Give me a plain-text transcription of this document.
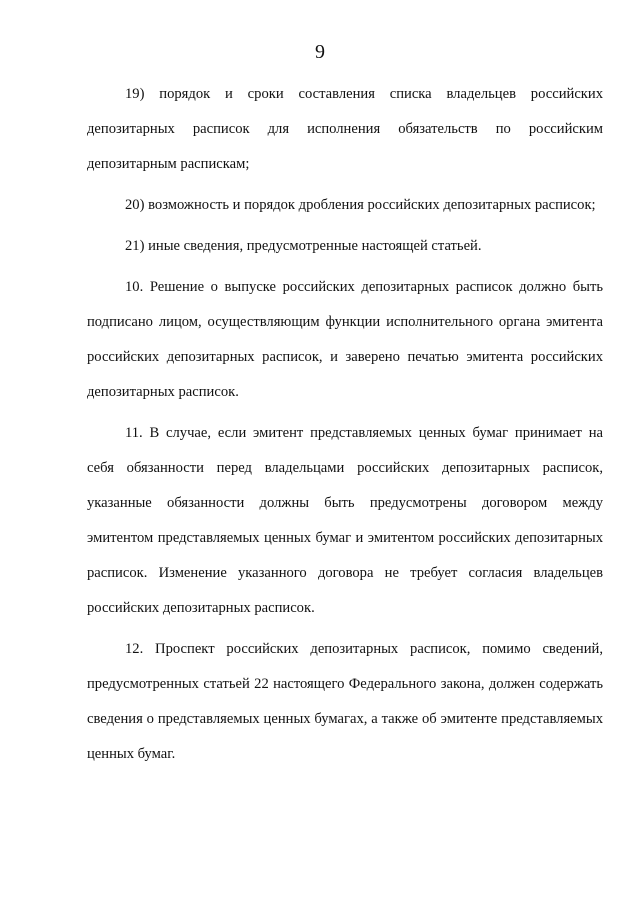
9

19) порядок и сроки составления списка владельцев российских депозитарных расписок для исполнения обязательств по российским депозитарным распискам;

20) возможность и порядок дробления российских депозитарных расписок;

21) иные сведения, предусмотренные настоящей статьей.

10. Решение о выпуске российских депозитарных расписок должно быть подписано лицом, осуществляющим функции исполнительного органа эмитента российских депозитарных расписок, и заверено печатью эмитента российских депозитарных расписок.

11. В случае, если эмитент представляемых ценных бумаг принимает на себя обязанности перед владельцами российских депозитарных расписок, указанные обязанности должны быть предусмотрены договором между эмитентом представляемых ценных бумаг и эмитентом российских депозитарных расписок. Изменение указанного договора не требует согласия владельцев российских депозитарных расписок.

12. Проспект российских депозитарных расписок, помимо сведений, предусмотренных статьей 22 настоящего Федерального закона, должен содержать сведения о представляемых ценных бумагах, а также об эмитенте представляемых ценных бумаг.
